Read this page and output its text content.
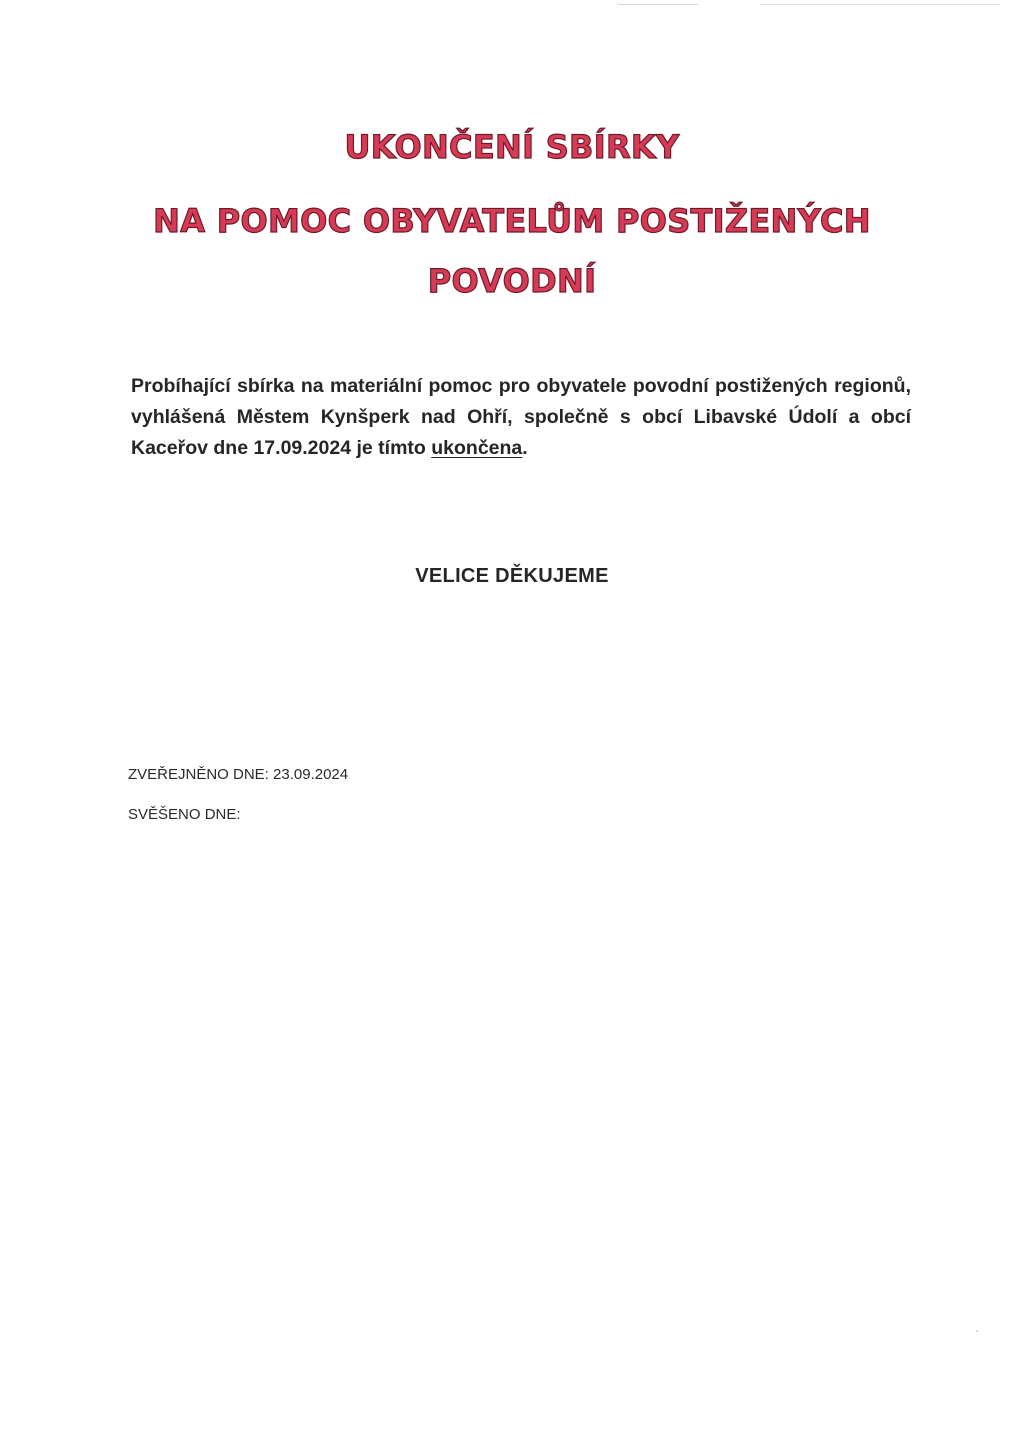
UKONČENÍ SBÍRKY
NA POMOC OBYVATELŮM POSTIŽENÝCH
POVODNÍ
Probíhající sbírka na materiální pomoc pro obyvatele povodní postižených regionů, vyhlášená Městem Kynšperk nad Ohří, společně s obcí Libavské Údolí a obcí Kaceřov dne 17.09.2024 je tímto ukončena.
VELICE DĚKUJEME
ZVEŘEJNĚNO DNE: 23.09.2024
SVĚŠENO DNE:
